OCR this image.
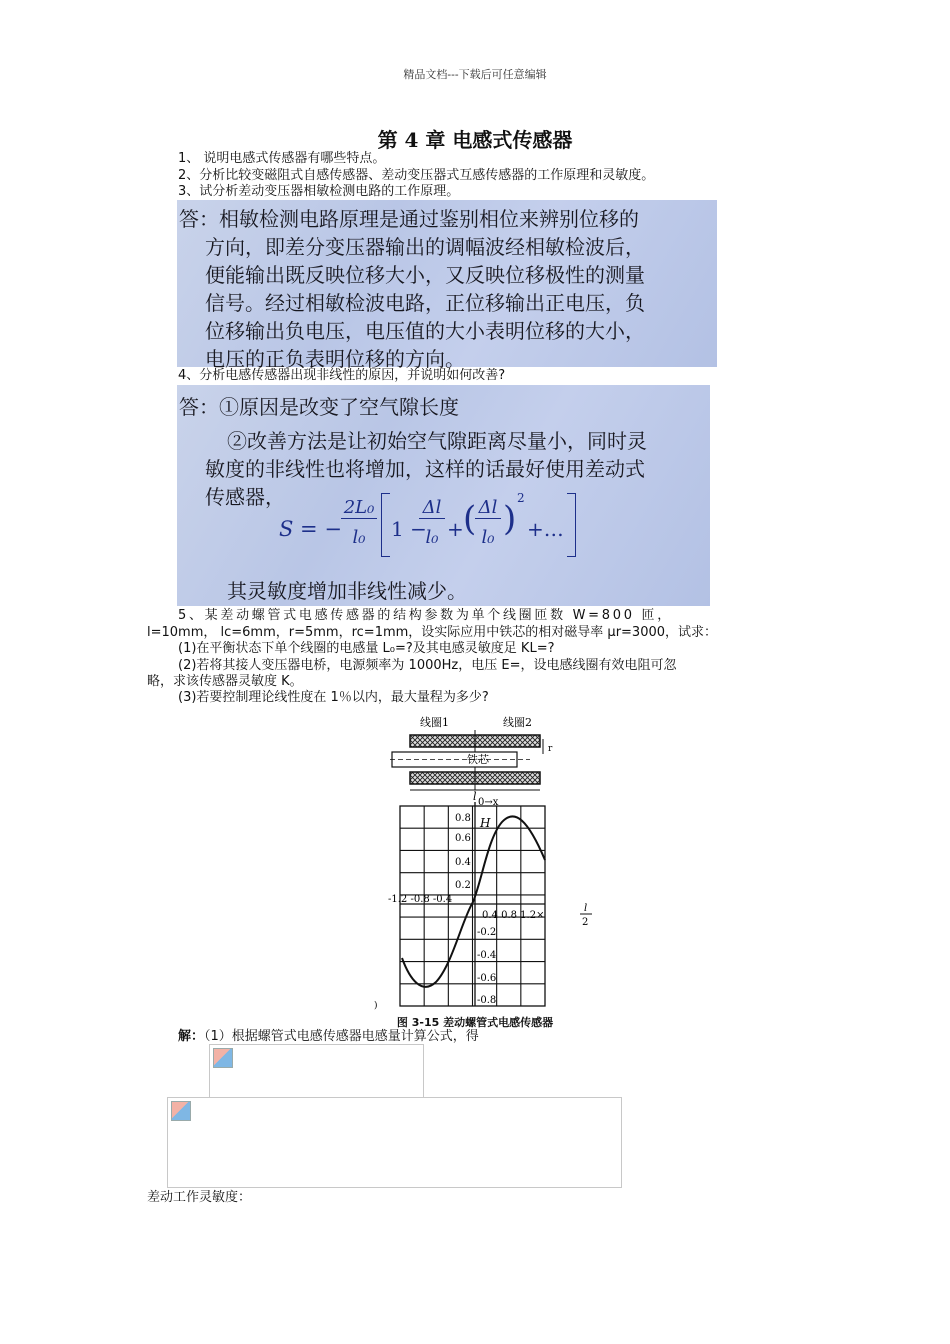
精品文档---下载后可任意编辑
第 4 章 电感式传感器
1、 说明电感式传感器有哪些特点。
2、分析比较变磁阻式自感传感器、差动变压器式互感传感器的工作原理和灵敏度。
3、试分析差动变压器相敏检测电路的工作原理。
答：相敏检测电路原理是通过鉴别相位来辨别位移的
方向，即差分变压器输出的调幅波经相敏检波后，
便能输出既反映位移大小，又反映位移极性的测量
信号。经过相敏检波电路，正位移输出正电压，负
位移输出负电压，电压值的大小表明位移的大小，
电压的正负表明位移的方向。
4、分析电感传感器出现非线性的原因，并说明如何改善?
答：①原因是改变了空气隙长度
②改善方法是让初始空气隙距离尽量小，同时灵
敏度的非线性也将增加，这样的话最好使用差动式
传感器，
S = −
2L₀
l₀	1 −
Δl
l₀ + ( Δl
l₀ )
2
+…
其灵敏度增加非线性减少。
5、某差动螺管式电感传感器的结构参数为单个线圈匝数 W=800 匝，
l=10mm， lc=6mm，r=5mm，rc=1mm，设实际应用中铁芯的相对磁导率 μr=3000，试求：
(1)在平衡状态下单个线圈的电感量 L₀=?及其电感灵敏度足 KL=?
(2)若将其接人变压器电桥，电源频率为 1000Hz，电压 E=，设电感线圈有效电阻可忽
略，求该传感器灵敏度 K。
(3)若要控制理论线性度在 1％以内，最大量程为多少?
线圈1	线圈2
铁芯
r
l 0→x
H
-1.2 -0.8 -0.4
0.4 0.8 1.2×
l
2
0.8
0.6
0.4
0.2
-0.2
-0.4
-0.6
-0.8
)
图 3-15 差动螺管式电感传感器
解：（1）根据螺管式电感传感器电感量计算公式，得
差动工作灵敏度：
